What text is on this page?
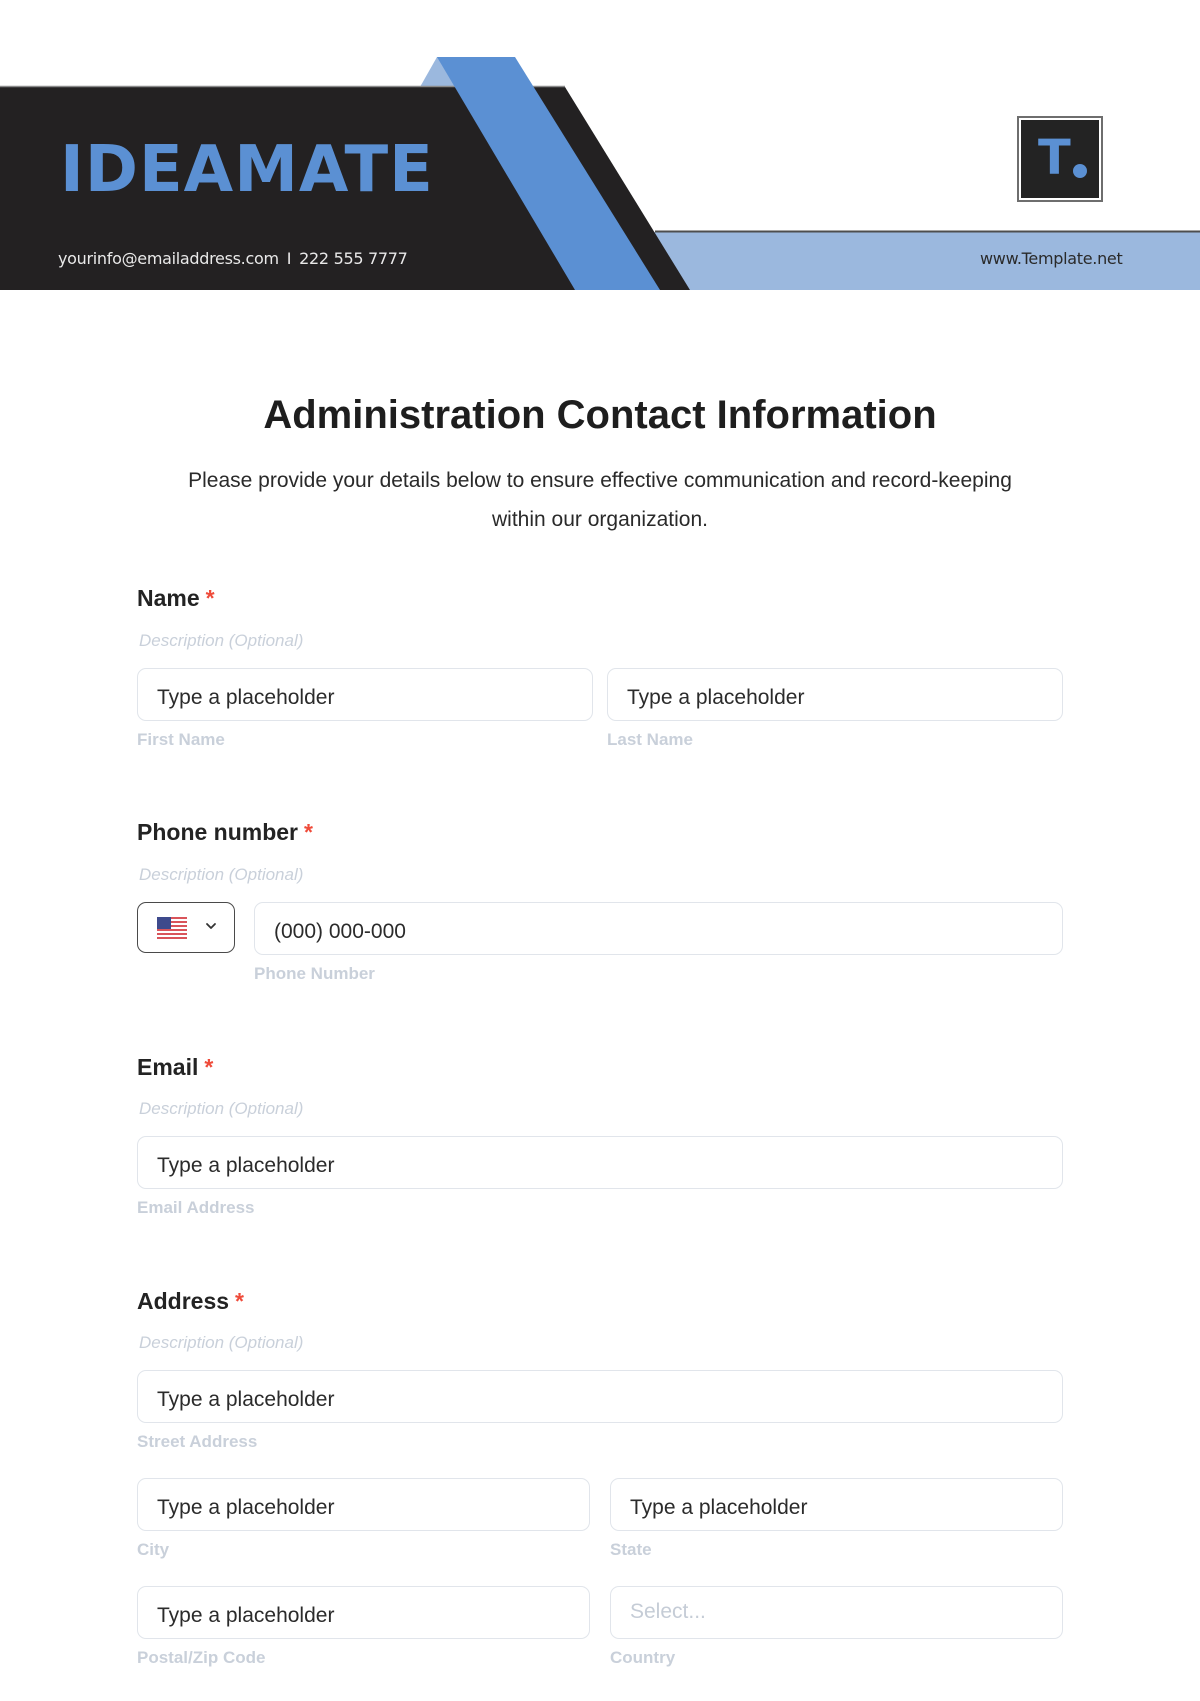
IDEAMATE
yourinfo@emailaddress.com I 222 555 7777
T
www.Template.net
Administration Contact Information
Please provide your details below to ensure effective communication and record-keeping within our organization.
Name *
Description (Optional)
Type a placeholder	Type a placeholder
First Name	Last Name
Phone number *
Description (Optional)
(000) 000-000
Phone Number
Email *
Description (Optional)
Type a placeholder
Email Address
Address *
Description (Optional)
Type a placeholder
Street Address
Type a placeholder	Type a placeholder
City	State
Type a placeholder	Select...
Postal/Zip Code	Country
